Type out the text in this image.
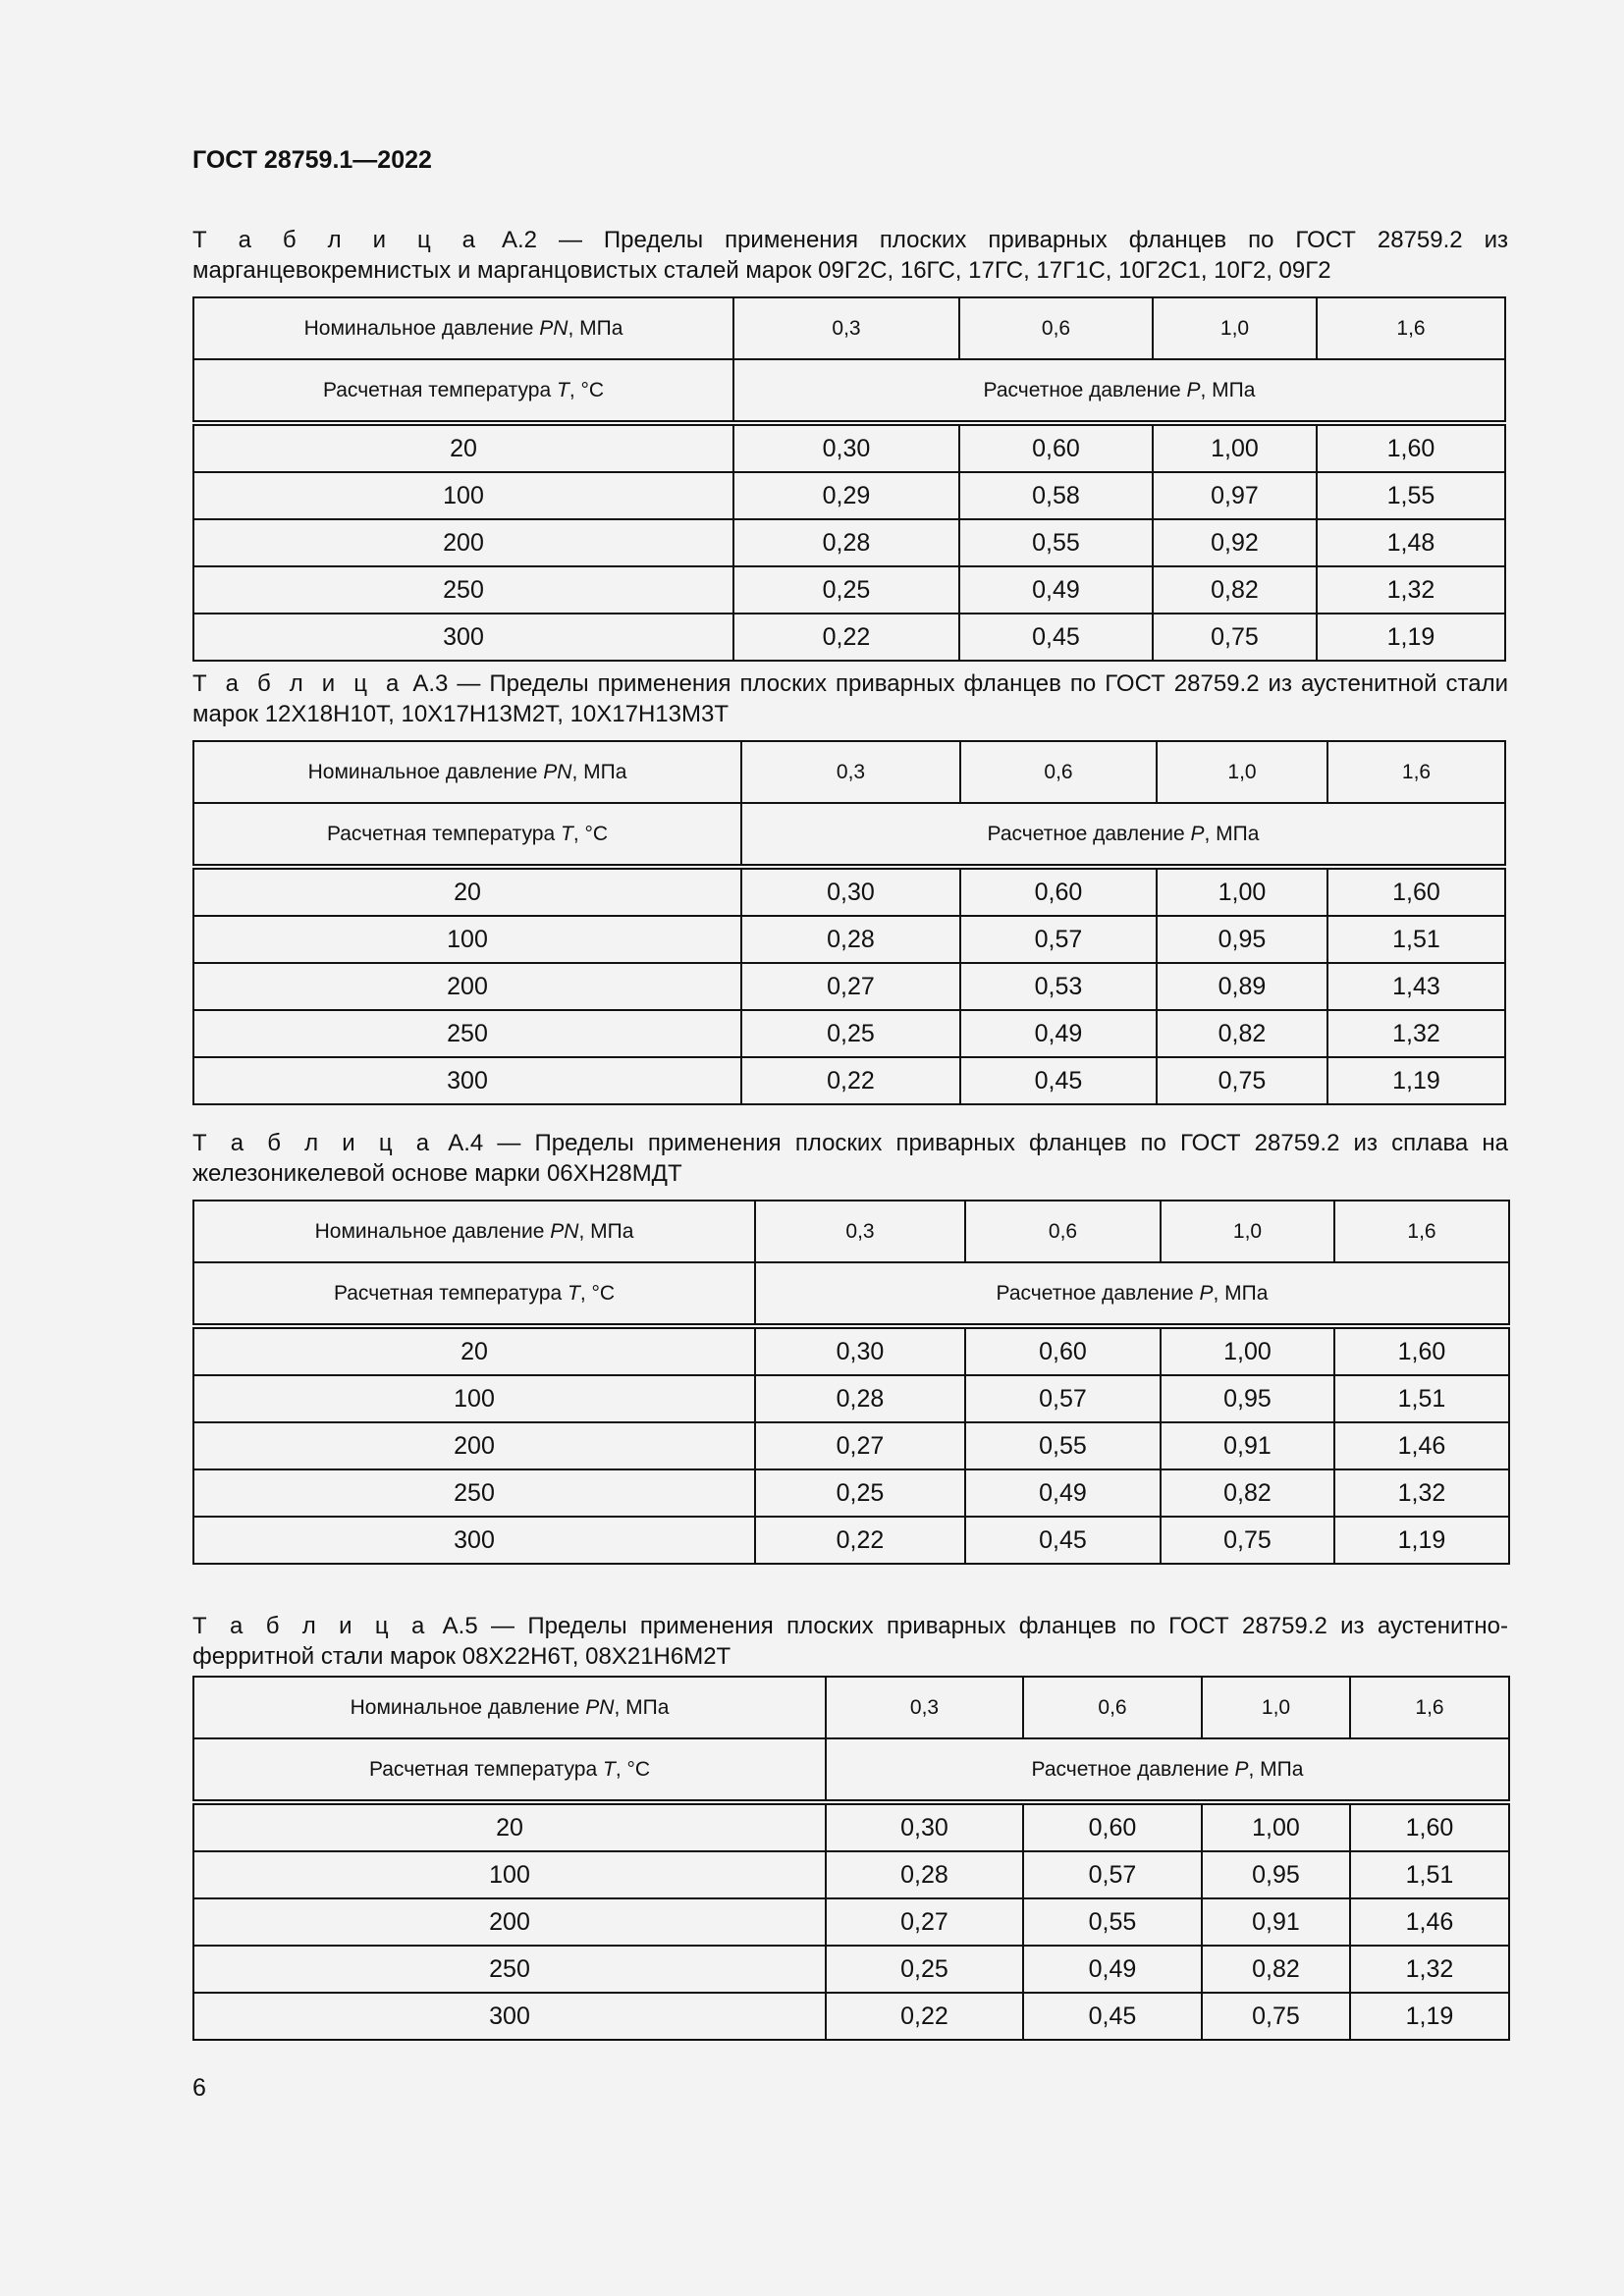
ГОСТ 28759.1—2022

Т а б л и ц а А.2 — Пределы применения плоских приварных фланцев по ГОСТ 28759.2 из марганцевокремнистых и марганцовистых сталей марок 09Г2С, 16ГС, 17ГС, 17Г1С, 10Г2С1, 10Г2, 09Г2

Номинальное давление PN, МПа	0,3	0,6	1,0	1,6
Расчетная температура T, °С	Расчетное давление P, МПа			
20	0,30	0,60	1,00	1,60
100	0,29	0,58	0,97	1,55
200	0,28	0,55	0,92	1,48
250	0,25	0,49	0,82	1,32
300	0,22	0,45	0,75	1,19

Т а б л и ц а А.3 — Пределы применения плоских приварных фланцев по ГОСТ 28759.2 из аустенитной стали марок 12Х18Н10Т, 10Х17Н13М2Т, 10Х17Н13М3Т

Номинальное давление PN, МПа	0,3	0,6	1,0	1,6
Расчетная температура T, °С	Расчетное давление P, МПа			
20	0,30	0,60	1,00	1,60
100	0,28	0,57	0,95	1,51
200	0,27	0,53	0,89	1,43
250	0,25	0,49	0,82	1,32
300	0,22	0,45	0,75	1,19

Т а б л и ц а А.4 — Пределы применения плоских приварных фланцев по ГОСТ 28759.2 из сплава на железоникелевой основе марки 06ХН28МДТ

Номинальное давление PN, МПа	0,3	0,6	1,0	1,6
Расчетная температура T, °С	Расчетное давление P, МПа			
20	0,30	0,60	1,00	1,60
100	0,28	0,57	0,95	1,51
200	0,27	0,55	0,91	1,46
250	0,25	0,49	0,82	1,32
300	0,22	0,45	0,75	1,19

Т а б л и ц а А.5 — Пределы применения плоских приварных фланцев по ГОСТ 28759.2 из аустенитно-ферритной стали марок 08Х22Н6Т, 08Х21Н6М2Т

Номинальное давление PN, МПа	0,3	0,6	1,0	1,6
Расчетная температура T, °С	Расчетное давление P, МПа			
20	0,30	0,60	1,00	1,60
100	0,28	0,57	0,95	1,51
200	0,27	0,55	0,91	1,46
250	0,25	0,49	0,82	1,32
300	0,22	0,45	0,75	1,19

6
